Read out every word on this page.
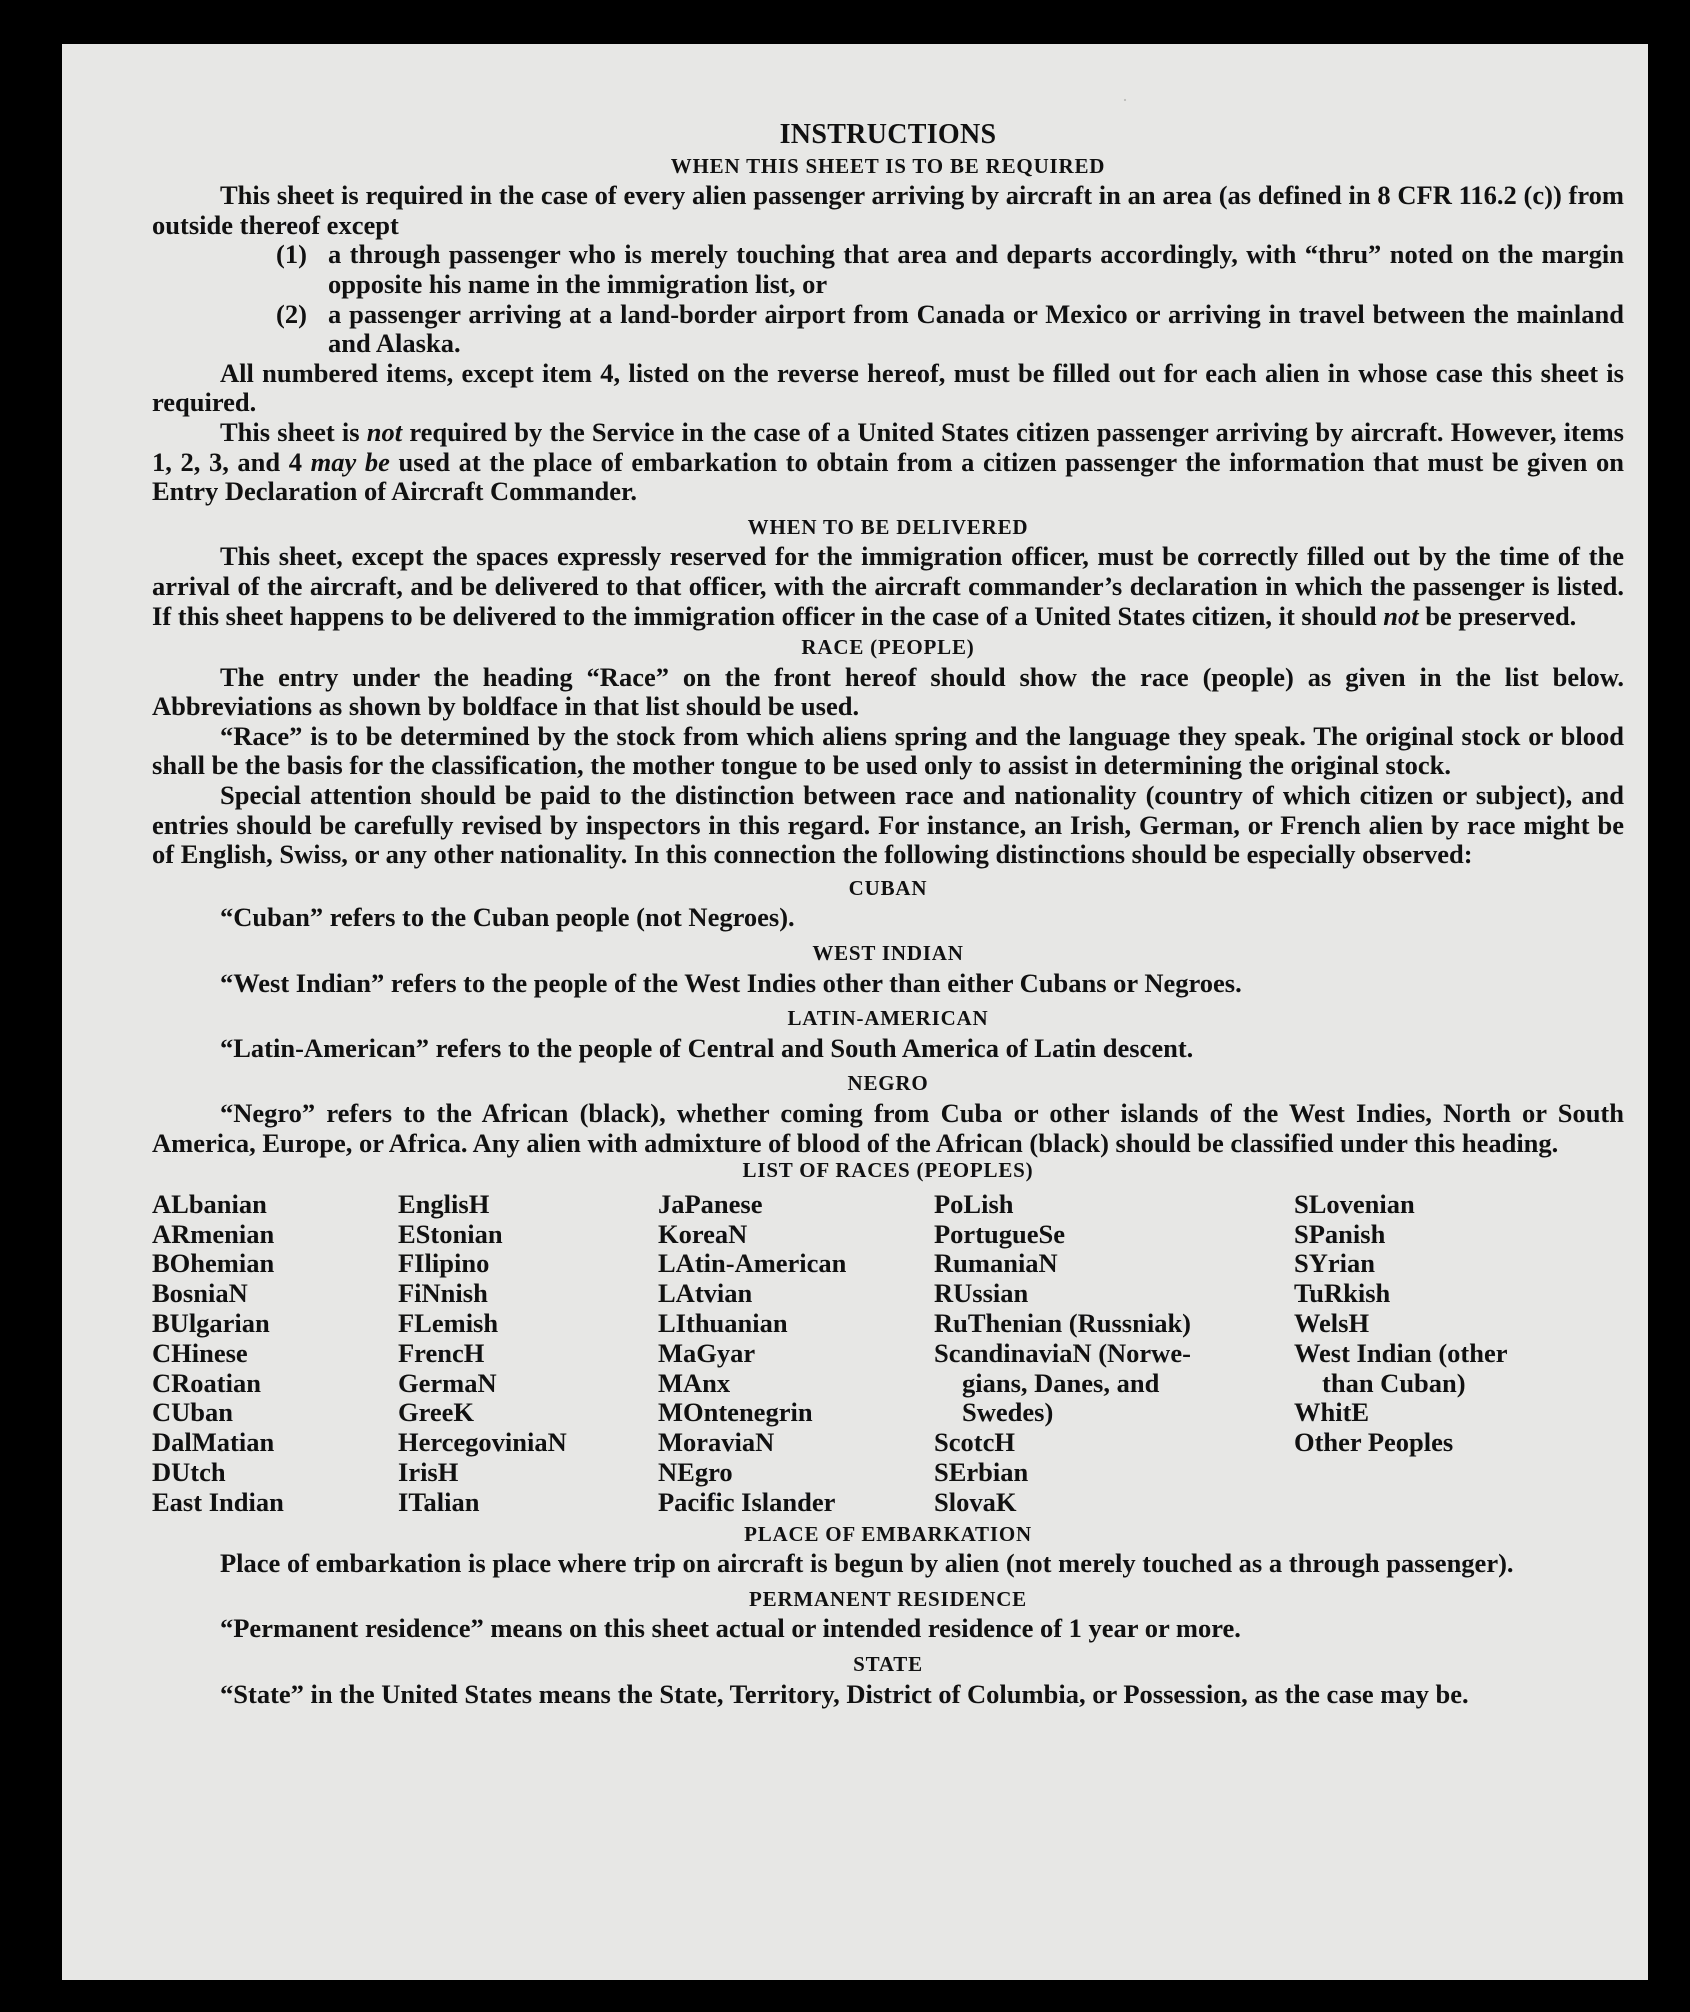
·
INSTRUCTIONS
WHEN THIS SHEET IS TO BE REQUIRED

This sheet is required in the case of every alien passenger arriving by aircraft in an area (as defined in 8 CFR 116.2 (c)) from outside thereof except

(1) a through passenger who is merely touching that area and departs accordingly, with “thru” noted on the margin opposite his name in the immigration list, or
(2) a passenger arriving at a land-border airport from Canada or Mexico or arriving in travel between the mainland and Alaska.

All numbered items, except item 4, listed on the reverse hereof, must be filled out for each alien in whose case this sheet is required.

This sheet is not required by the Service in the case of a United States citizen passenger arriving by aircraft. However, items 1, 2, 3, and 4 may be used at the place of embarkation to obtain from a citizen passenger the information that must be given on Entry Declaration of Aircraft Commander.

WHEN TO BE DELIVERED

This sheet, except the spaces expressly reserved for the immigration officer, must be correctly filled out by the time of the arrival of the aircraft, and be delivered to that officer, with the aircraft commander’s declaration in which the passenger is listed. If this sheet happens to be delivered to the immigration officer in the case of a United States citizen, it should not be preserved.

RACE (PEOPLE)

The entry under the heading “Race” on the front hereof should show the race (people) as given in the list below. Abbreviations as shown by boldface in that list should be used.

“Race” is to be determined by the stock from which aliens spring and the language they speak. The original stock or blood shall be the basis for the classification, the mother tongue to be used only to assist in determining the original stock.

Special attention should be paid to the distinction between race and nationality (country of which citizen or subject), and entries should be carefully revised by inspectors in this regard. For instance, an Irish, German, or French alien by race might be of English, Swiss, or any other nationality. In this connection the following distinctions should be especially observed:

CUBAN

“Cuban” refers to the Cuban people (not Negroes).

WEST INDIAN

“West Indian” refers to the people of the West Indies other than either Cubans or Negroes.

LATIN-AMERICAN

“Latin-American” refers to the people of Central and South America of Latin descent.

NEGRO

“Negro” refers to the African (black), whether coming from Cuba or other islands of the West Indies, North or South America, Europe, or Africa. Any alien with admixture of blood of the African (black) should be classified under this heading.

LIST OF RACES (PEOPLES)
ALbanian
ARmenian
BOhemian
BosniaN
BUlgarian
CHinese
CRoatian
CUban
DalMatian
DUtch
East Indian
EnglisH
EStonian
FIlipino
FiNnish
FLemish
FrencH
GermaN
GreeK
HercegoviniaN
IrisH
ITalian
JaPanese
KoreaN
LAtin-American
LAtvian
LIthuanian
MaGyar
MAnx
MOntenegrin
MoraviaN
NEgro
Pacific Islander
PoLish
PortugueSe
RumaniaN
RUssian
RuThenian (Russniak)
ScandinaviaN (Norwe-
gians, Danes, and
Swedes)
ScotcH
SErbian
SlovaK
SLovenian
SPanish
SYrian
TuRkish
WelsH
West Indian (other
than Cuban)
WhitE
Other Peoples
PLACE OF EMBARKATION

Place of embarkation is place where trip on aircraft is begun by alien (not merely touched as a through passenger).

PERMANENT RESIDENCE

“Permanent residence” means on this sheet actual or intended residence of 1 year or more.

STATE

“State” in the United States means the State, Territory, District of Columbia, or Possession, as the case may be.
